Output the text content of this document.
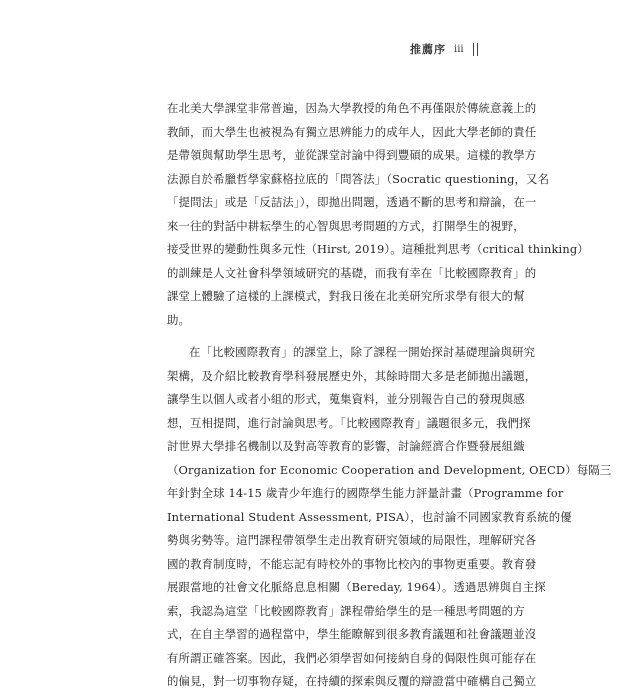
推薦序 iii
在北美大學課堂非常普遍，因為大學教授的角色不再僅限於傳統意義上的
教師，而大學生也被視為有獨立思辨能力的成年人，因此大學老師的責任
是帶領與幫助學生思考，並從課堂討論中得到豐碩的成果。這樣的教學方
法源自於希臘哲學家蘇格拉底的「問答法」（Socratic questioning，又名
「提問法」或是「反詰法」），即拋出問題，透過不斷的思考和辯論，在一
來一往的對話中耕耘學生的心智與思考問題的方式，打開學生的視野，
接受世界的變動性與多元性（Hirst, 2019）。這種批判思考（critical thinking）
的訓練是人文社會科學領域研究的基礎，而我有幸在「比較國際教育」的
課堂上體驗了這樣的上課模式，對我日後在北美研究所求學有很大的幫
助。
在「比較國際教育」的課堂上，除了課程一開始探討基礎理論與研究
架構，及介紹比較教育學科發展歷史外，其餘時間大多是老師拋出議題，
讓學生以個人或者小組的形式，蒐集資料，並分別報告自己的發現與感
想，互相提問，進行討論與思考。「比較國際教育」議題很多元，我們探
討世界大學排名機制以及對高等教育的影響，討論經濟合作暨發展組織
（Organization for Economic Cooperation and Development, OECD）每隔三
年針對全球 14-15 歲青少年進行的國際學生能力評量計畫（Programme for
International Student Assessment, PISA），也討論不同國家教育系統的優
勢與劣勢等。這門課程帶領學生走出教育研究領域的局限性，理解研究各
國的教育制度時，不能忘記有時校外的事物比校內的事物更重要。教育發
展跟當地的社會文化脈絡息息相關（Bereday, 1964）。透過思辨與自主探
索，我認為這堂「比較國際教育」課程帶給學生的是一種思考問題的方
式，在自主學習的過程當中，學生能瞭解到很多教育議題和社會議題並沒
有所謂正確答案。因此，我們必須學習如何接納自身的侷限性與可能存在
的偏見，對一切事物存疑，在持續的探索與反覆的辯證當中確構自己獨立
